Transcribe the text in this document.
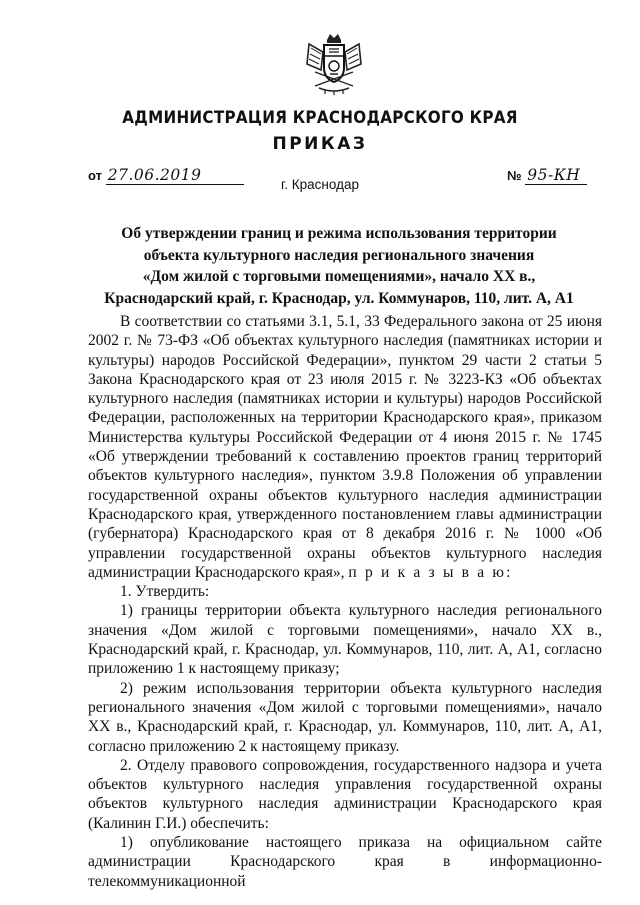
АДМИНИСТРАЦИЯ КРАСНОДАРСКОГО КРАЯ
ПРИКАЗ
от 27.06.2019	№ 95-КН
г. Краснодар
Об утверждении границ и режима использования территории
объекта культурного наследия регионального значения
«Дом жилой с торговыми помещениями», начало XX в.,
Краснодарский край, г. Краснодар, ул. Коммунаров, 110, лит. А, А1

В соответствии со статьями 3.1, 5.1, 33 Федерального закона от 25 июня 2002 г. № 73-ФЗ «Об объектах культурного наследия (памятниках истории и культуры) народов Российской Федерации», пунктом 29 части 2 статьи 5 Закона Краснодарского края от 23 июля 2015 г. № 3223-КЗ «Об объектах культурного наследия (памятниках истории и культуры) народов Российской Федерации, расположенных на территории Краснодарского края», приказом Министерства культуры Российской Федерации от 4 июня 2015 г. № 1745 «Об утверждении требований к составлению проектов границ территорий объектов культурного наследия», пунктом 3.9.8 Положения об управлении государственной охраны объектов культурного наследия администрации Краснодарского края, утвержденного постановлением главы администрации (губернатора) Краснодарского края от 8 декабря 2016 г. № 1000 «Об управлении государственной охраны объектов культурного наследия администрации Краснодарского края», п р и к а з ы в а ю:

1. Утвердить:

1) границы территории объекта культурного наследия регионального значения «Дом жилой с торговыми помещениями», начало XX в., Краснодарский край, г. Краснодар, ул. Коммунаров, 110, лит. А, А1, согласно приложению 1 к настоящему приказу;

2) режим использования территории объекта культурного наследия регионального значения «Дом жилой с торговыми помещениями», начало XX в., Краснодарский край, г. Краснодар, ул. Коммунаров, 110, лит. А, А1, согласно приложению 2 к настоящему приказу.

2. Отделу правового сопровождения, государственного надзора и учета объектов культурного наследия управления государственной охраны объектов культурного наследия администрации Краснодарского края (Калинин Г.И.) обеспечить:

1) опубликование настоящего приказа на официальном сайте администрации Краснодарского края в информационно-телекоммуникационной
